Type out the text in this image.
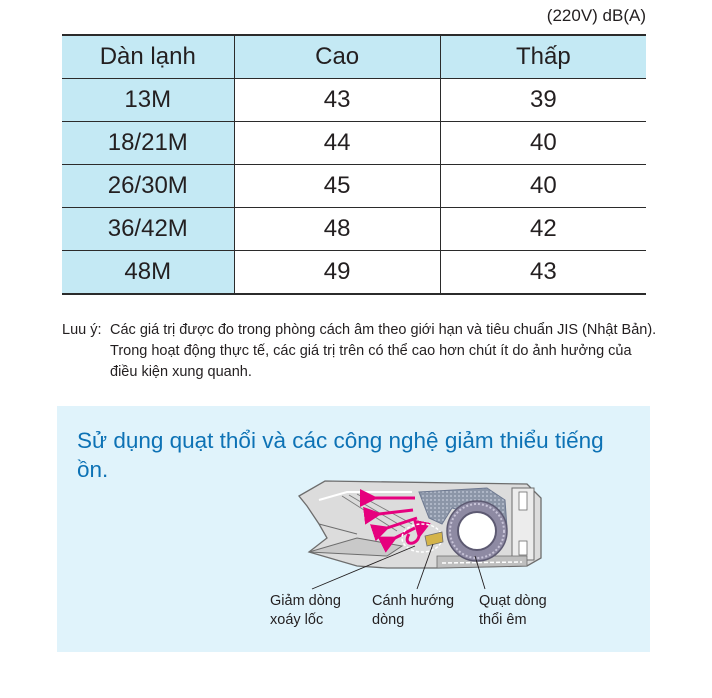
(220V) dB(A)
Dàn lạnh	Cao	Thấp
13M	43	39
18/21M	44	40
26/30M	45	40
36/42M	48	42
48M	49	43
Luu ý: Các giá trị được đo trong phòng cách âm theo giới hạn và tiêu chuẩn JIS (Nhật Bản). Trong hoạt động thực tế, các giá trị trên có thể cao hơn chút ít do ảnh hưởng của điều kiện xung quanh.
Sử dụng quạt thổi và các công nghệ giảm thiểu tiếng ồn.
Giảm dòng
xoáy lốc
Cánh hướng
dòng
Quạt dòng
thổi êm
